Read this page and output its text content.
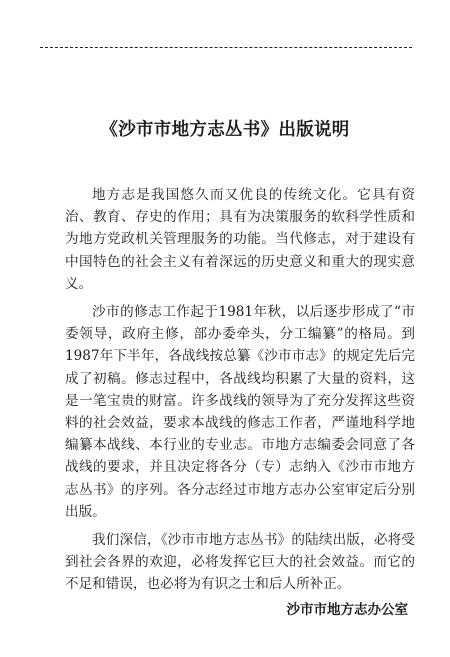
《沙市市地方志丛书》出版说明

地方志是我国悠久而又优良的传统文化。它具有资治、教育、存史的作用；具有为决策服务的软科学性质和为地方党政机关管理服务的功能。当代修志，对于建设有中国特色的社会主义有着深远的历史意义和重大的现实意义。

沙市的修志工作起于1981年秋，以后逐步形成了“市委领导，政府主修，部办委牵头，分工编纂”的格局。到1987年下半年，各战线按总纂《沙市市志》的规定先后完成了初稿。修志过程中，各战线均积累了大量的资料，这是一笔宝贵的财富。许多战线的领导为了充分发挥这些资料的社会效益，要求本战线的修志工作者，严谨地科学地编纂本战线、本行业的专业志。市地方志编委会同意了各战线的要求，并且决定将各分（专）志纳入《沙市市地方志丛书》的序列。各分志经过市地方志办公室审定后分别出版。

我们深信，《沙市市地方志丛书》的陆续出版，必将受到社会各界的欢迎，必将发挥它巨大的社会效益。而它的不足和错误，也必将为有识之士和后人所补正。

沙市市地方志办公室
